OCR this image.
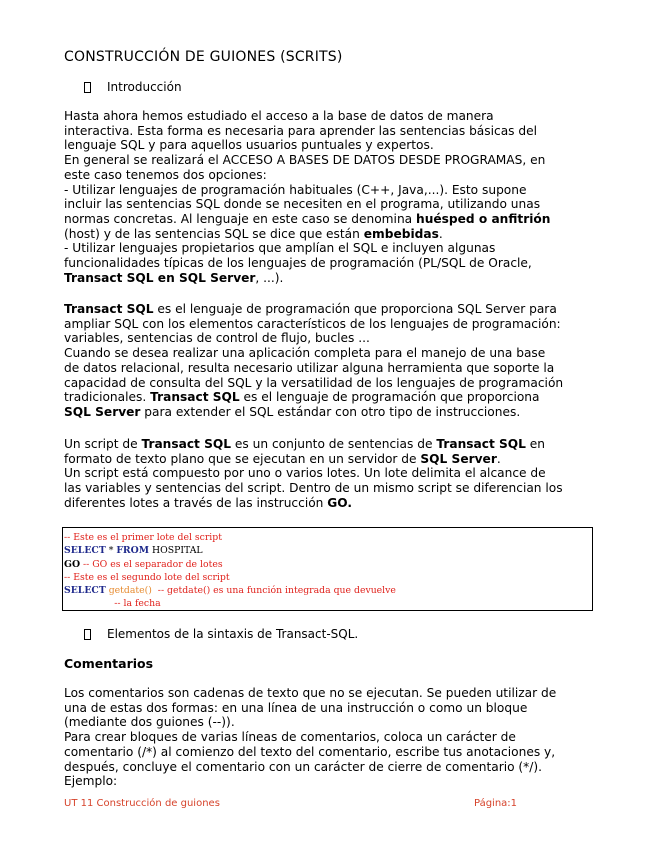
CONSTRUCCIÓN DE GUIONES (SCRITS)
Introducción
Hasta ahora hemos estudiado el acceso a la base de datos de manera
interactiva. Esta forma es necesaria para aprender las sentencias básicas del
lenguaje SQL y para aquellos usuarios puntuales y expertos.
En general se realizará el ACCESO A BASES DE DATOS DESDE PROGRAMAS, en
este caso tenemos dos opciones:
- Utilizar lenguajes de programación habituales (C++, Java,...). Esto supone
incluir las sentencias SQL donde se necesiten en el programa, utilizando unas
normas concretas. Al lenguaje en este caso se denomina huésped o anfitrión
(host) y de las sentencias SQL se dice que están embebidas.
- Utilizar lenguajes propietarios que amplían el SQL e incluyen algunas
funcionalidades típicas de los lenguajes de programación (PL/SQL de Oracle,
Transact SQL en SQL Server, ...).
Transact SQL es el lenguaje de programación que proporciona SQL Server para
ampliar SQL con los elementos característicos de los lenguajes de programación:
variables, sentencias de control de flujo, bucles ...
Cuando se desea realizar una aplicación completa para el manejo de una base
de datos relacional, resulta necesario utilizar alguna herramienta que soporte la
capacidad de consulta del SQL y la versatilidad de los lenguajes de programación
tradicionales. Transact SQL es el lenguaje de programación que proporciona
SQL Server para extender el SQL estándar con otro tipo de instrucciones.
Un script de Transact SQL es un conjunto de sentencias de Transact SQL en
formato de texto plano que se ejecutan en un servidor de SQL Server.
Un script está compuesto por uno o varios lotes. Un lote delimita el alcance de
las variables y sentencias del script. Dentro de un mismo script se diferencian los
diferentes lotes a través de las instrucción GO.
-- Este es el primer lote del script
SELECT * FROM HOSPITAL
GO -- GO es el separador de lotes
-- Este es el segundo lote del script
SELECT getdate()  -- getdate() es una función integrada que devuelve
-- la fecha
Elementos de la sintaxis de Transact-SQL.
Comentarios
Los comentarios son cadenas de texto que no se ejecutan. Se pueden utilizar de
una de estas dos formas: en una línea de una instrucción o como un bloque
(mediante dos guiones (--)).
Para crear bloques de varias líneas de comentarios, coloca un carácter de
comentario (/*) al comienzo del texto del comentario, escribe tus anotaciones y,
después, concluye el comentario con un carácter de cierre de comentario (*/).
Ejemplo:
UT 11 Construcción de guiones	Página:1
